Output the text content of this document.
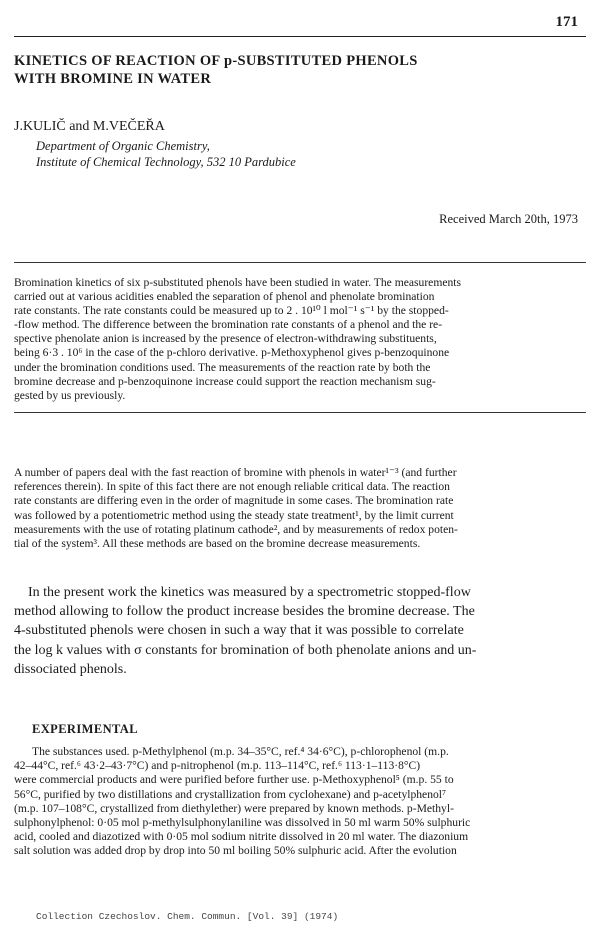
171
KINETICS OF REACTION OF p-SUBSTITUTED PHENOLS
WITH BROMINE IN WATER
J.KULIČ and M.VEČEŘA
Department of Organic Chemistry,
Institute of Chemical Technology, 532 10 Pardubice
Received March 20th, 1973

Bromination kinetics of six p-substituted phenols have been studied in water. The measurements
carried out at various acidities enabled the separation of phenol and phenolate bromination
rate constants. The rate constants could be measured up to 2 . 10¹⁰ l mol⁻¹ s⁻¹ by the stopped-
-flow method. The difference between the bromination rate constants of a phenol and the re-
spective phenolate anion is increased by the presence of electron-withdrawing substituents,
being 6·3 . 10⁶ in the case of the p-chloro derivative. p-Methoxyphenol gives p-benzoquinone
under the bromination conditions used. The measurements of the reaction rate by both the
bromine decrease and p-benzoquinone increase could support the reaction mechanism sug-
gested by us previously.

A number of papers deal with the fast reaction of bromine with phenols in water¹⁻³ (and further
references therein). In spite of this fact there are not enough reliable critical data. The reaction
rate constants are differing even in the order of magnitude in some cases. The bromination rate
was followed by a potentiometric method using the steady state treatment¹, by the limit current
measurements with the use of rotating platinum cathode², and by measurements of redox poten-
tial of the system³. All these methods are based on the bromine decrease measurements.

In the present work the kinetics was measured by a spectrometric stopped-flow
method allowing to follow the product increase besides the bromine decrease. The
4-substituted phenols were chosen in such a way that it was possible to correlate
the log k values with σ constants for bromination of both phenolate anions and un-
dissociated phenols.

EXPERIMENTAL

The substances used. p-Methylphenol (m.p. 34–35°C, ref.⁴ 34·6°C), p-chlorophenol (m.p.
42–44°C, ref.⁶ 43·2–43·7°C) and p-nitrophenol (m.p. 113–114°C, ref.⁶ 113·1–113·8°C)
were commercial products and were purified before further use. p-Methoxyphenol⁵ (m.p. 55 to
56°C, purified by two distillations and crystallization from cyclohexane) and p-acetylphenol⁷
(m.p. 107–108°C, crystallized from diethylether) were prepared by known methods. p-Methyl-
sulphonylphenol: 0·05 mol p-methylsulphonylaniline was dissolved in 50 ml warm 50% sulphuric
acid, cooled and diazotized with 0·05 mol sodium nitrite dissolved in 20 ml water. The diazonium
salt solution was added drop by drop into 50 ml boiling 50% sulphuric acid. After the evolution

Collection Czechoslov. Chem. Commun. [Vol. 39] (1974)
